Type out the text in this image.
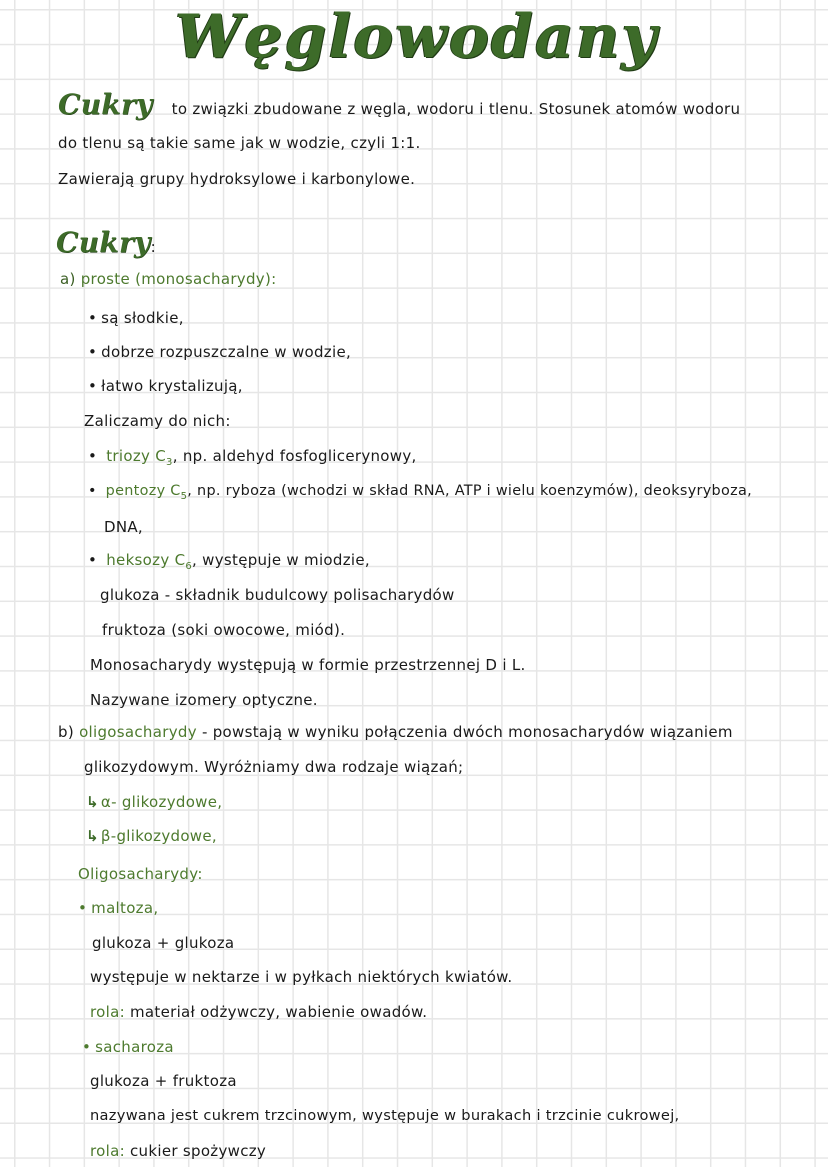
Węglowodany
Cukry to związki zbudowane z węgla, wodoru i tlenu. Stosunek atomów wodoru
do tlenu są takie same jak w wodzie, czyli 1:1.
Zawierają grupy hydroksylowe i karbonylowe.
Cukry:
a) proste (monosacharydy):
• są słodkie,
• dobrze rozpuszczalne w wodzie,
• łatwo krystalizują,
Zaliczamy do nich:
• triozy $C_3$, np. aldehyd fosfoglicerynowy,
• pentozy $C_5$, np. ryboza (wchodzi w skład RNA, ATP i wielu koenzymów), deoksyryboza,
DNA,
• heksozy $C_6$, występuje w miodzie,
glukoza - składnik budulcowy polisacharydów
fruktoza (soki owocowe, miód).
Monosacharydy występują w formie przestrzennej D i L.
Nazywane izomery optyczne.
b) oligosacharydy - powstają w wyniku połączenia dwóch monosacharydów wiązaniem
glikozydowym. Wyróżniamy dwa rodzaje wiązań;
↳ α- glikozydowe,
↳ β-glikozydowe,
Oligosacharydy:
• maltoza,
glukoza + glukoza
występuje w nektarze i w pyłkach niektórych kwiatów.
rola: materiał odżywczy, wabienie owadów.
• sacharoza
glukoza + fruktoza
nazywana jest cukrem trzcinowym, występuje w burakach i trzcinie cukrowej,
rola: cukier spożywczy
